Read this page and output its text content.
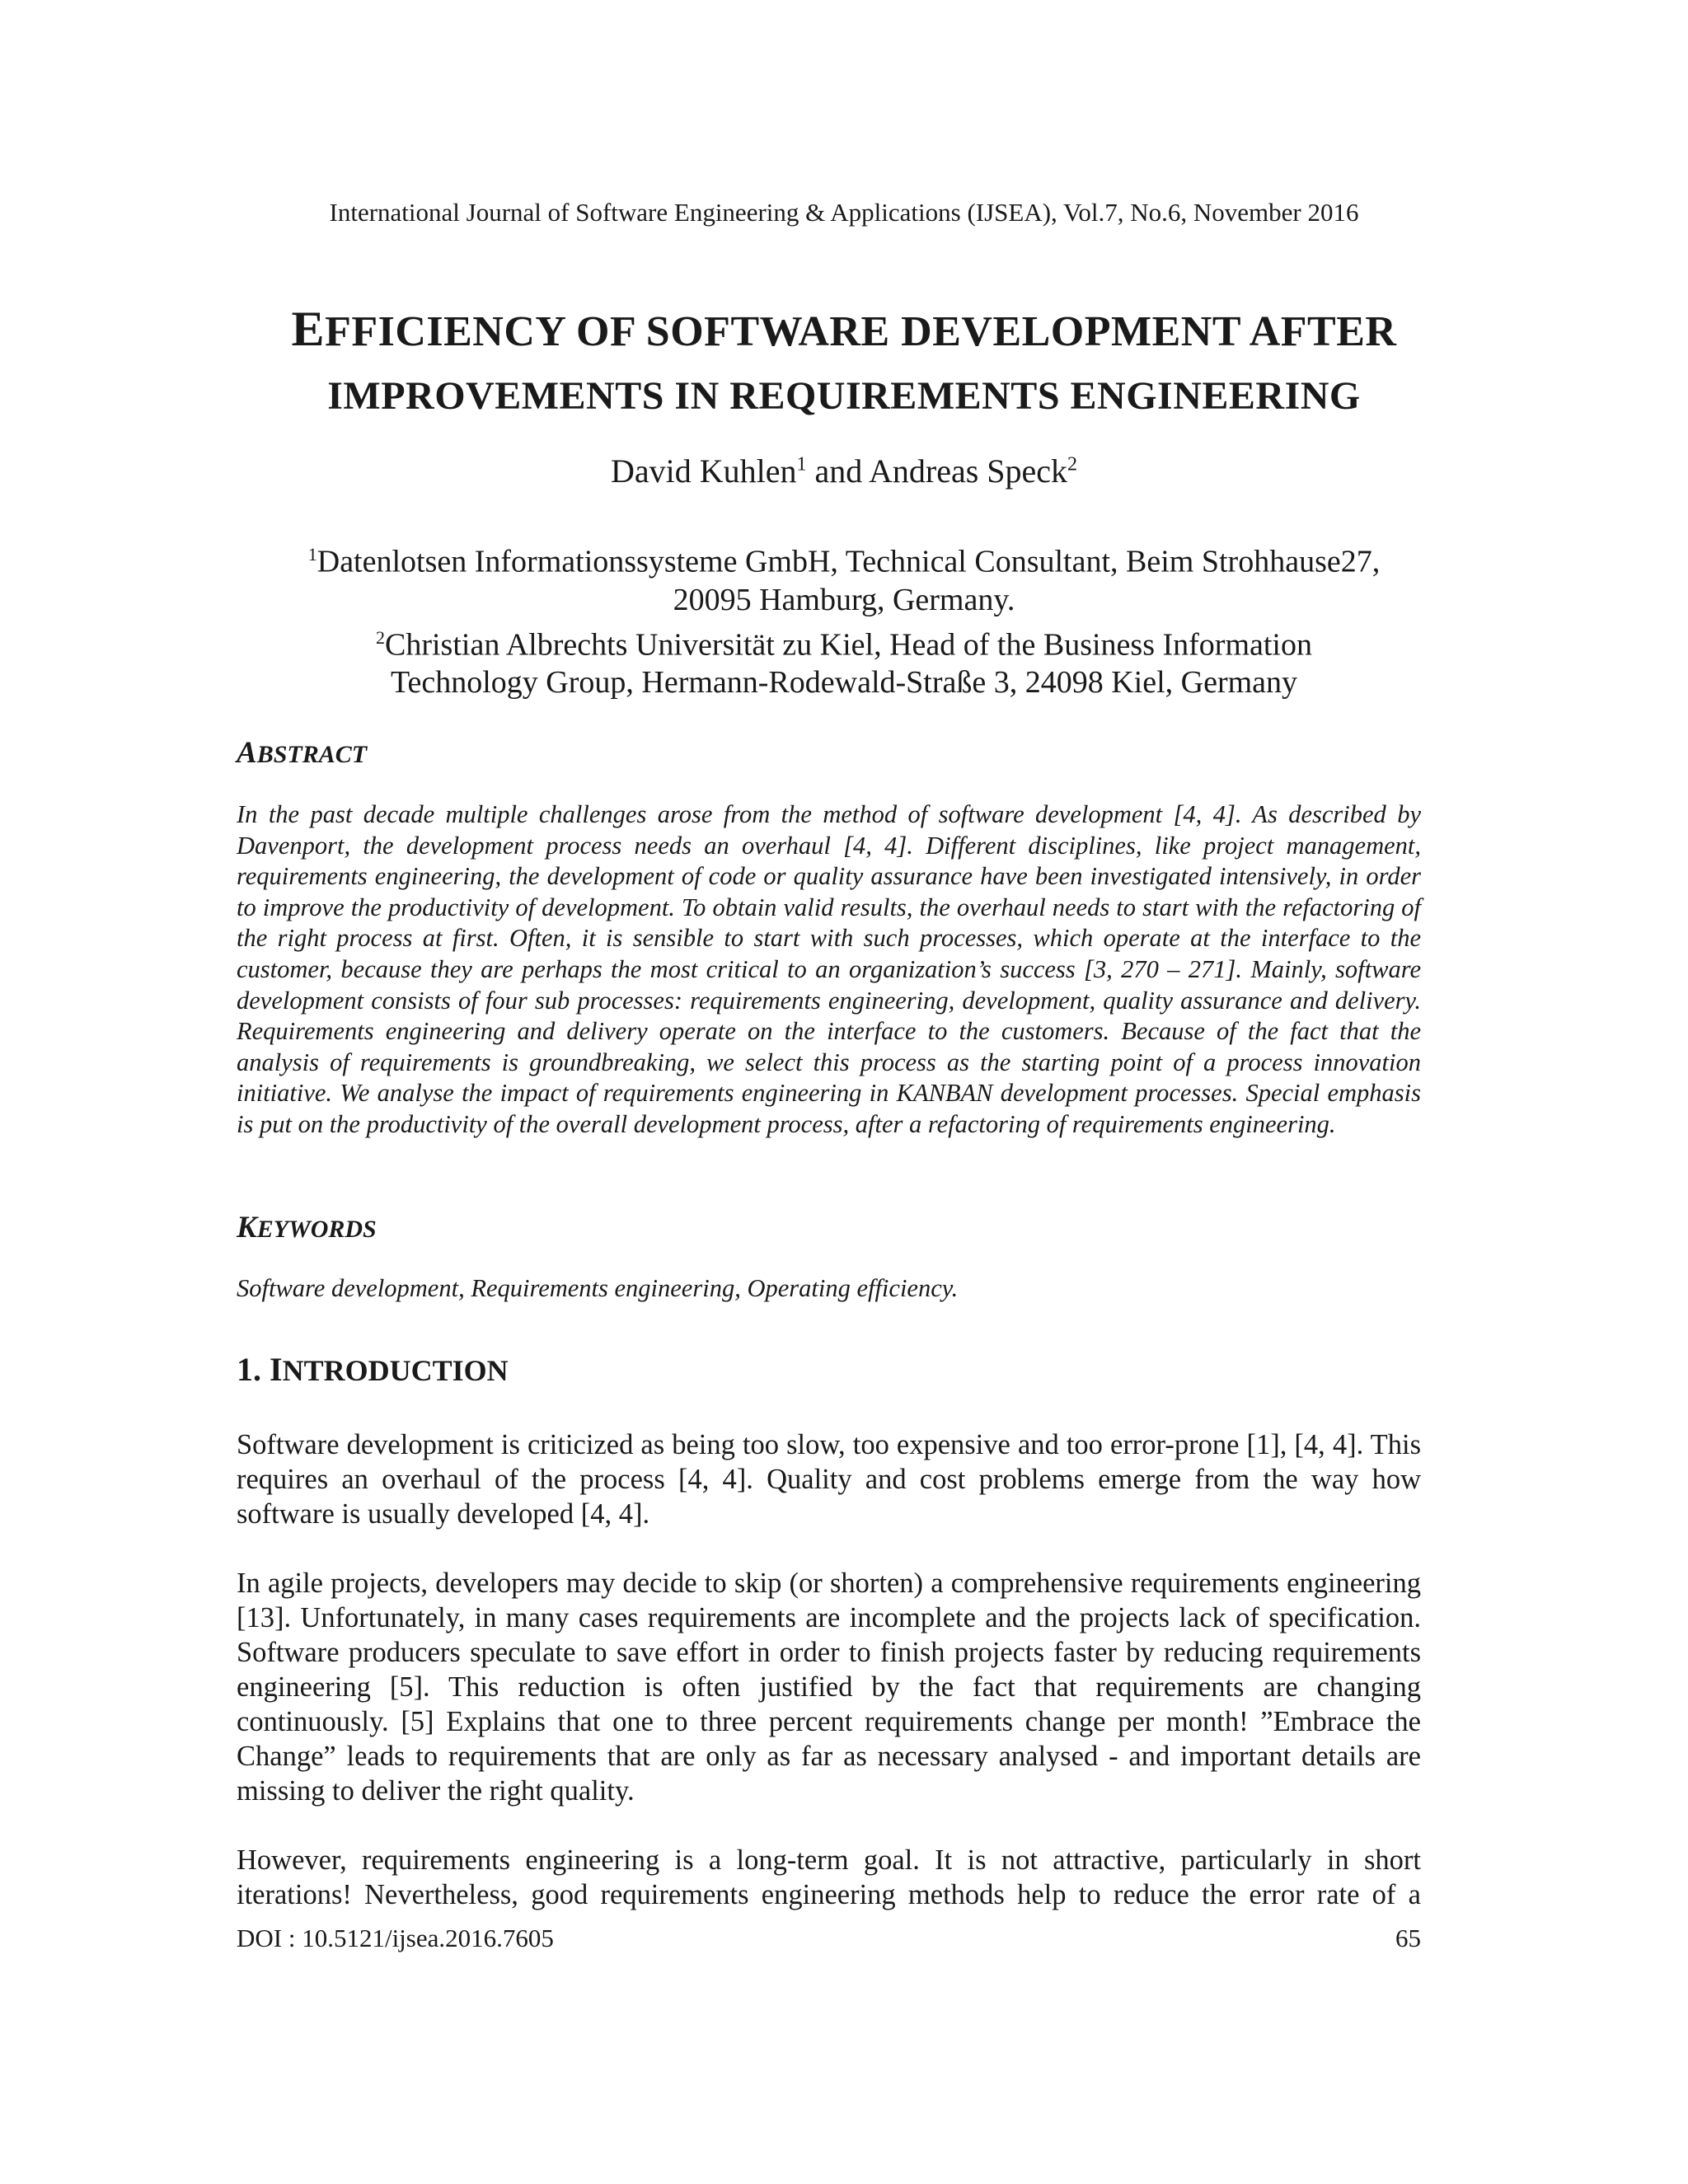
International Journal of Software Engineering & Applications (IJSEA), Vol.7, No.6, November 2016
EFFICIENCY OF SOFTWARE DEVELOPMENT AFTER
IMPROVEMENTS IN REQUIREMENTS ENGINEERING
David Kuhlen$^1$ and Andreas Speck$^2$
$^1$Datenlotsen Informationssysteme GmbH, Technical Consultant, Beim Strohhause27,
20095 Hamburg, Germany.
$^2$Christian Albrechts Universität zu Kiel, Head of the Business Information
Technology Group, Hermann-Rodewald-Straße 3, 24098 Kiel, Germany
ABSTRACT
In the past decade multiple challenges arose from the method of software development [4, 4]. As described by Davenport, the development process needs an overhaul [4, 4]. Different disciplines, like project management, requirements engineering, the development of code or quality assurance have been investigated intensively, in order to improve the productivity of development. To obtain valid results, the overhaul needs to start with the refactoring of the right process at first. Often, it is sensible to start with such processes, which operate at the interface to the customer, because they are perhaps the most critical to an organization’s success [3, 270 – 271]. Mainly, software development consists of four sub processes: requirements engineering, development, quality assurance and delivery. Requirements engineering and delivery operate on the interface to the customers. Because of the fact that the analysis of requirements is groundbreaking, we select this process as the starting point of a process innovation initiative. We analyse the impact of requirements engineering in KANBAN development processes. Special emphasis is put on the productivity of the overall development process, after a refactoring of requirements engineering.
KEYWORDS
Software development, Requirements engineering, Operating efficiency.
1. INTRODUCTION
Software development is criticized as being too slow, too expensive and too error-prone [1], [4, 4]. This requires an overhaul of the process [4, 4]. Quality and cost problems emerge from the way how software is usually developed [4, 4].
In agile projects, developers may decide to skip (or shorten) a comprehensive requirements engineering [13]. Unfortunately, in many cases requirements are incomplete and the projects lack of specification. Software producers speculate to save effort in order to finish projects faster by reducing requirements engineering [5]. This reduction is often justified by the fact that requirements are changing continuously. [5] Explains that one to three percent requirements change per month! ”Embrace the Change” leads to requirements that are only as far as necessary analysed - and important details are missing to deliver the right quality.
However, requirements engineering is a long-term goal. It is not attractive, particularly in short iterations! Nevertheless, good requirements engineering methods help to reduce the error rate of a
DOI : 10.5121/ijsea.2016.7605	65
